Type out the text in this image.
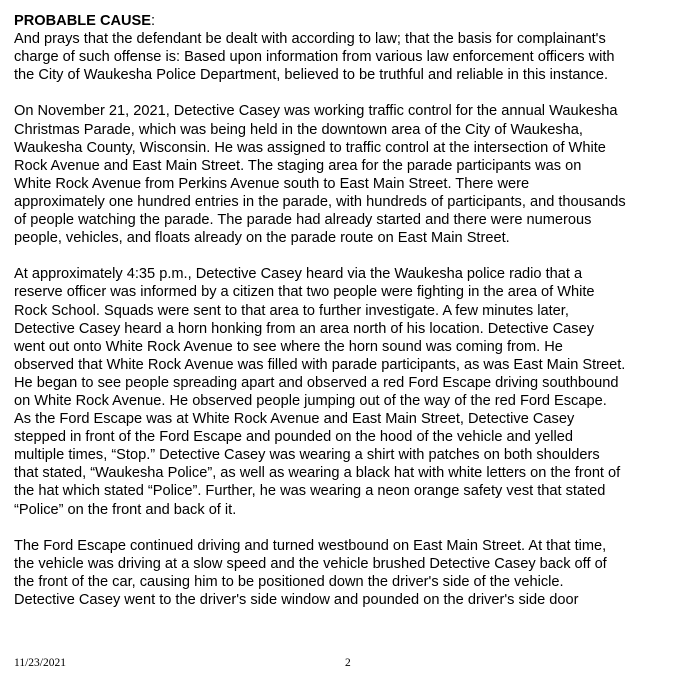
PROBABLE CAUSE:
And prays that the defendant be dealt with according to law; that the basis for complainant's
charge of such offense is: Based upon information from various law enforcement officers with
the City of Waukesha Police Department, believed to be truthful and reliable in this instance.
On November 21, 2021, Detective Casey was working traffic control for the annual Waukesha
Christmas Parade, which was being held in the downtown area of the City of Waukesha,
Waukesha County, Wisconsin. He was assigned to traffic control at the intersection of White
Rock Avenue and East Main Street. The staging area for the parade participants was on
White Rock Avenue from Perkins Avenue south to East Main Street. There were
approximately one hundred entries in the parade, with hundreds of participants, and thousands
of people watching the parade. The parade had already started and there were numerous
people, vehicles, and floats already on the parade route on East Main Street.
At approximately 4:35 p.m., Detective Casey heard via the Waukesha police radio that a
reserve officer was informed by a citizen that two people were fighting in the area of White
Rock School. Squads were sent to that area to further investigate. A few minutes later,
Detective Casey heard a horn honking from an area north of his location. Detective Casey
went out onto White Rock Avenue to see where the horn sound was coming from. He
observed that White Rock Avenue was filled with parade participants, as was East Main Street.
He began to see people spreading apart and observed a red Ford Escape driving southbound
on White Rock Avenue. He observed people jumping out of the way of the red Ford Escape.
As the Ford Escape was at White Rock Avenue and East Main Street, Detective Casey
stepped in front of the Ford Escape and pounded on the hood of the vehicle and yelled
multiple times, “Stop.” Detective Casey was wearing a shirt with patches on both shoulders
that stated, “Waukesha Police”, as well as wearing a black hat with white letters on the front of
the hat which stated “Police”. Further, he was wearing a neon orange safety vest that stated
“Police” on the front and back of it.
The Ford Escape continued driving and turned westbound on East Main Street. At that time,
the vehicle was driving at a slow speed and the vehicle brushed Detective Casey back off of
the front of the car, causing him to be positioned down the driver's side of the vehicle.
Detective Casey went to the driver's side window and pounded on the driver's side door
11/23/2021	2
